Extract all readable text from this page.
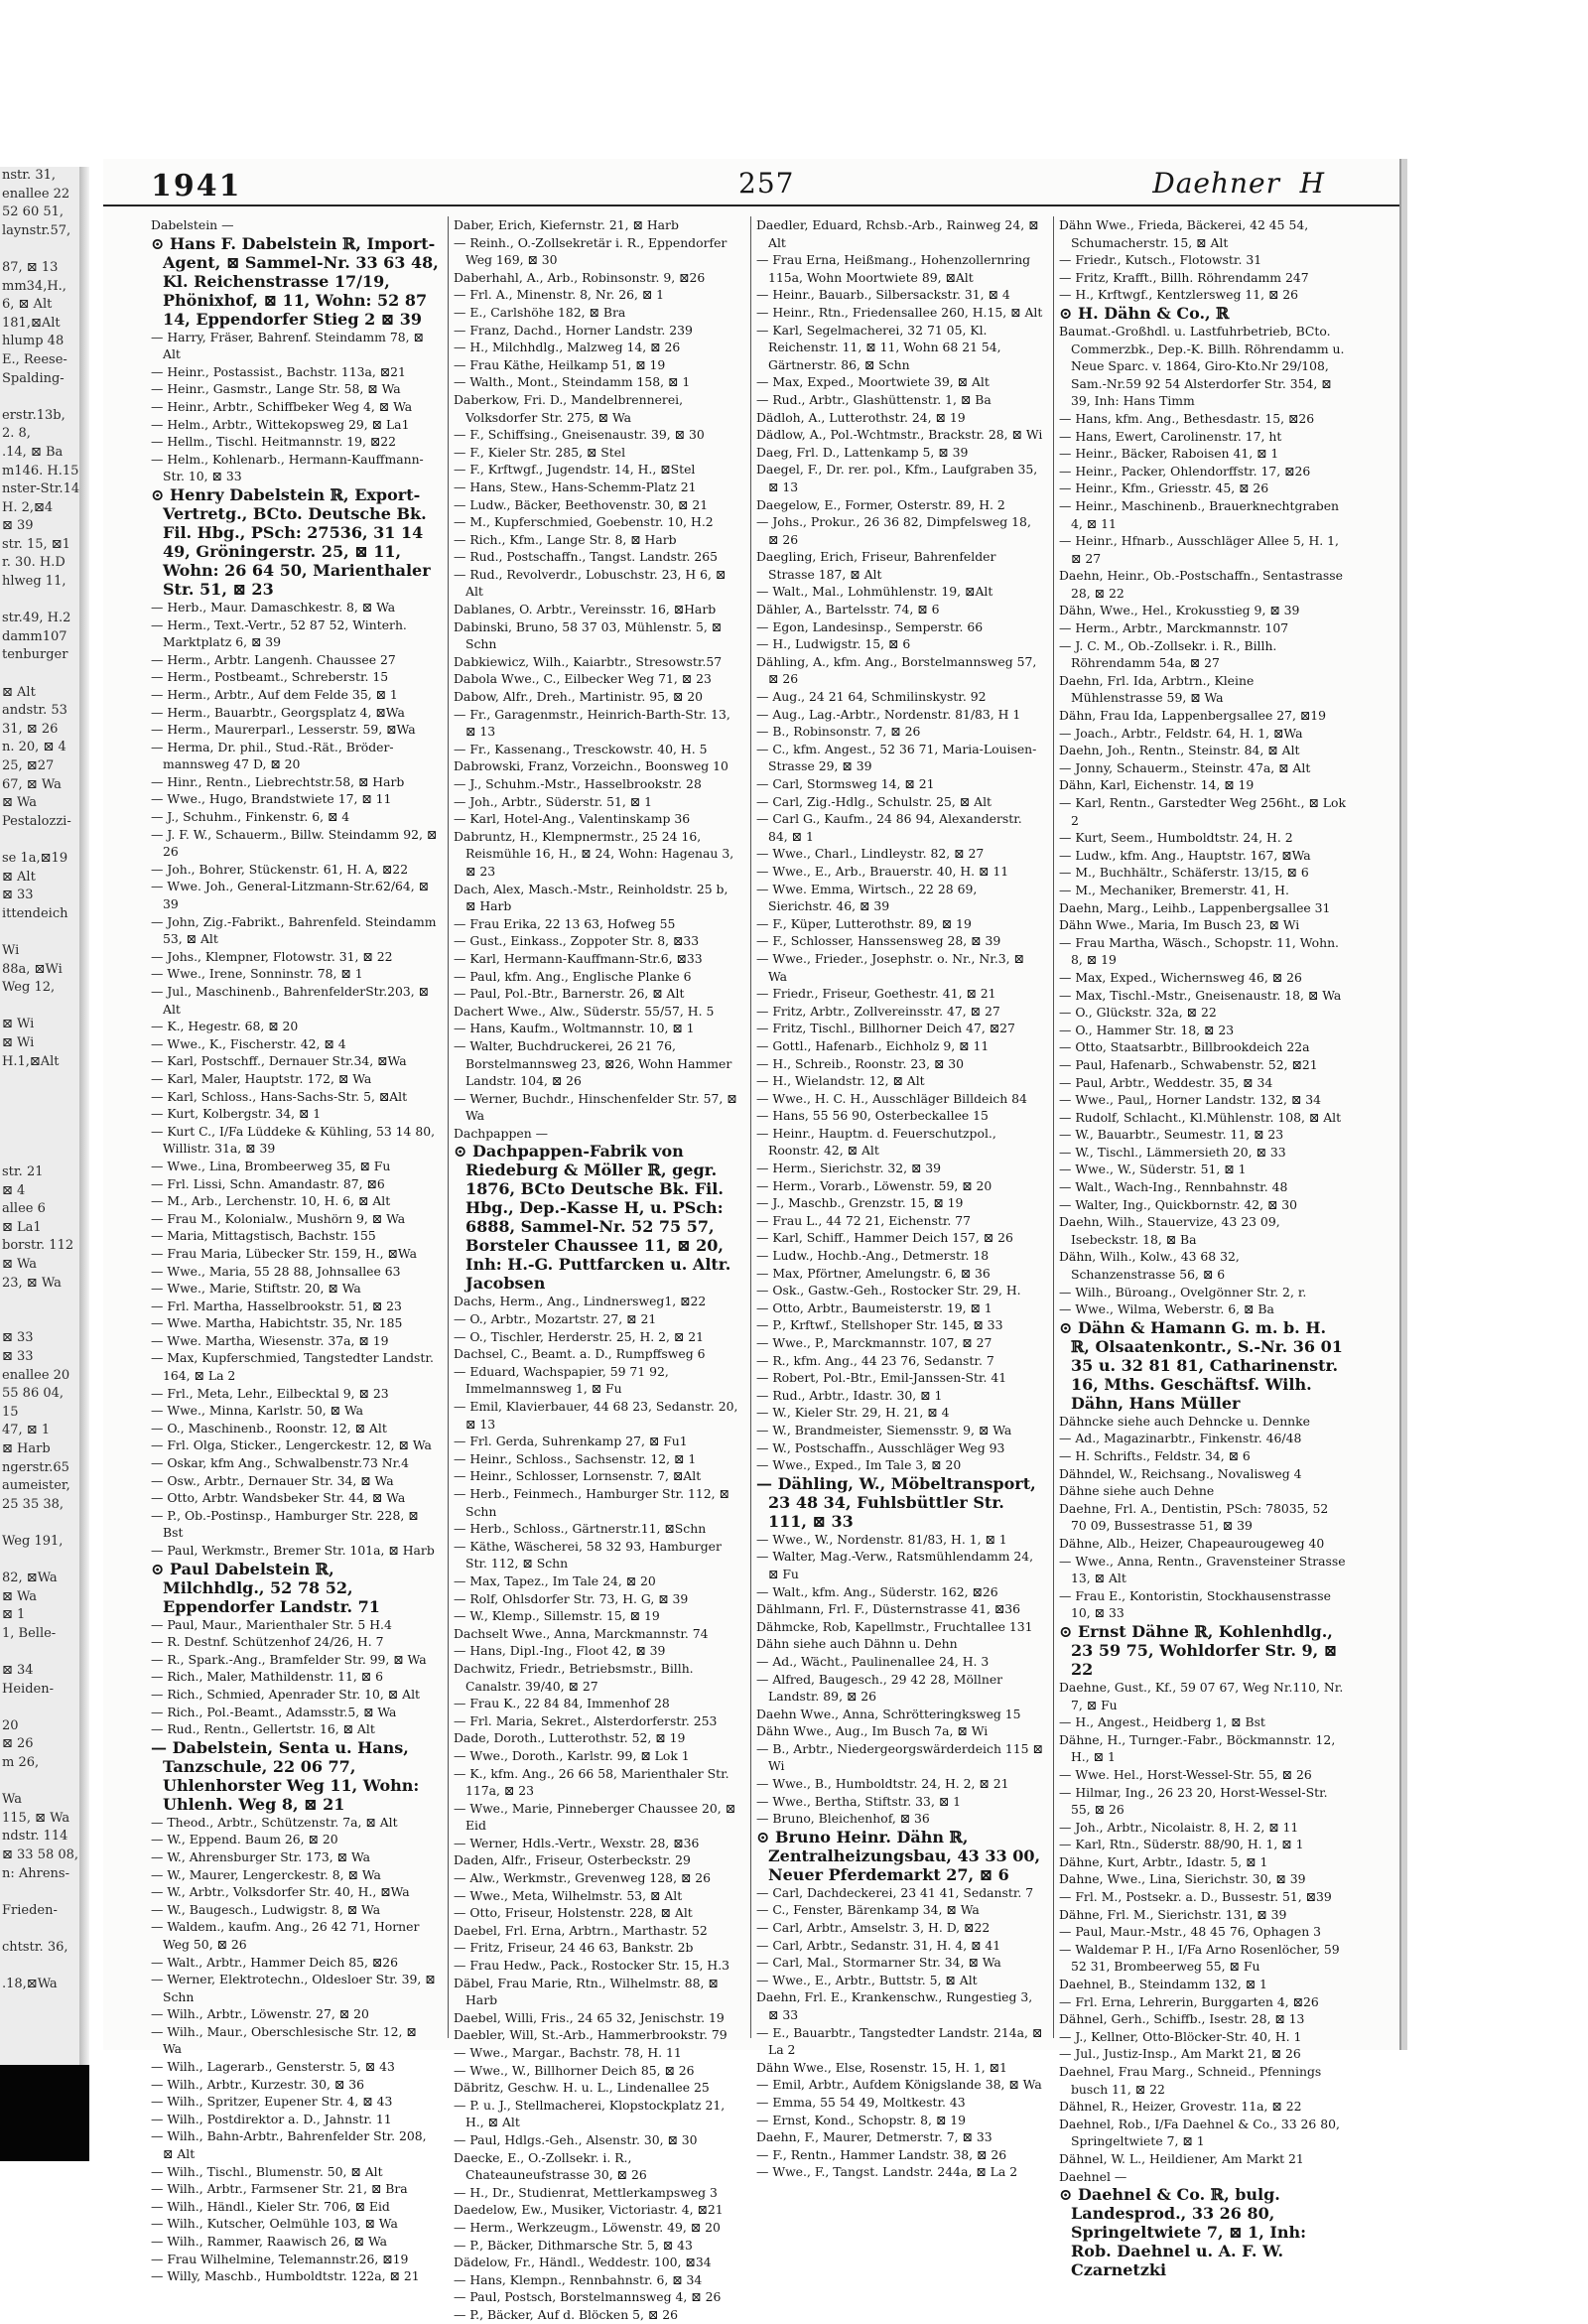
nstr. 31,
enallee 22
52 60 51,
laynstr.57,

87, ⊠ 13
mm34,H.,
6, ⊠ Alt
181,⊠Alt
hlump 48
E., Reese-
Spalding-

erstr.13b,
2. 8,
.14, ⊠ Ba
m146. H.15
nster-Str.14
H. 2,⊠4
⊠ 39
str. 15, ⊠1
r. 30. H.D
hlweg 11,

str.49, H.2
damm107
tenburger

⊠ Alt
andstr. 53
31, ⊠ 26
n. 20, ⊠ 4
25, ⊠27
67, ⊠ Wa
⊠ Wa
Pestalozzi-

se 1a,⊠19
⊠ Alt
⊠ 33
ittendeich

Wi
88a, ⊠Wi
Weg 12,

⊠ Wi
⊠ Wi
H.1,⊠Alt

str. 21
⊠ 4
allee 6
⊠ La1
borstr. 112
⊠ Wa
23, ⊠ Wa

⊠ 33
⊠ 33
enallee 20
55 86 04,
15
47, ⊠ 1
⊠ Harb
ngerstr.65
aumeister,
25 35 38,

Weg 191,

82, ⊠Wa
⊠ Wa
⊠ 1
1, Belle-

⊠ 34
Heiden-

20
⊠ 26
m 26,

Wa
115, ⊠ Wa
ndstr. 114
⊠ 33 58 08,
n: Ahrens-

Frieden-

chtstr. 36,

.18,⊠Wa
1941	257	Daehner H

Dabelstein —

⊙ Hans F. Dabelstein ℝ, Import-Agent, ⊠ Sammel-Nr. 33 63 48, Kl. Reichenstrasse 17/19, Phönixhof, ⊠ 11, Wohn: 52 87 14, Eppendorfer Stieg 2 ⊠ 39

— Harry, Fräser, Bahrenf. Steindamm 78, ⊠ Alt

— Heinr., Postassist., Bachstr. 113a, ⊠21

— Heinr., Gasmstr., Lange Str. 58, ⊠ Wa

— Heinr., Arbtr., Schiffbeker Weg 4, ⊠ Wa

— Helm., Arbtr., Wittekopsweg 29, ⊠ La1

— Hellm., Tischl. Heitmannstr. 19, ⊠22

— Helm., Kohlenarb., Hermann-Kauffmann-Str. 10, ⊠ 33

⊙ Henry Dabelstein ℝ, Export-Vertretg., BCto. Deutsche Bk. Fil. Hbg., PSch: 27536, 31 14 49, Gröningerstr. 25, ⊠ 11, Wohn: 26 64 50, Marienthaler Str. 51, ⊠ 23

— Herb., Maur. Damaschkestr. 8, ⊠ Wa

— Herm., Text.-Vertr., 52 87 52, Winterh. Marktplatz 6, ⊠ 39

— Herm., Arbtr. Langenh. Chaussee 27

— Herm., Postbeamt., Schreberstr. 15

— Herm., Arbtr., Auf dem Felde 35, ⊠ 1

— Herm., Bauarbtr., Georgsplatz 4, ⊠Wa

— Herm., Maurerparl., Lesserstr. 59, ⊠Wa

— Herma, Dr. phil., Stud.-Rät., Bröder-mannsweg 47 D, ⊠ 20

— Hinr., Rentn., Liebrechtstr.58, ⊠ Harb

— Wwe., Hugo, Brandstwiete 17, ⊠ 11

— J., Schuhm., Finkenstr. 6, ⊠ 4

— J. F. W., Schauerm., Billw. Steindamm 92, ⊠ 26

— Joh., Bohrer, Stückenstr. 61, H. A, ⊠22

— Wwe. Joh., General-Litzmann-Str.62/64, ⊠ 39

— John, Zig.-Fabrikt., Bahrenfeld. Steindamm 53, ⊠ Alt

— Johs., Klempner, Flotowstr. 31, ⊠ 22

— Wwe., Irene, Sonninstr. 78, ⊠ 1

— Jul., Maschinenb., BahrenfelderStr.203, ⊠ Alt

— K., Hegestr. 68, ⊠ 20

— Wwe., K., Fischerstr. 42, ⊠ 4

— Karl, Postschff., Dernauer Str.34, ⊠Wa

— Karl, Maler, Hauptstr. 172, ⊠ Wa

— Karl, Schloss., Hans-Sachs-Str. 5, ⊠Alt

— Kurt, Kolbergstr. 34, ⊠ 1

— Kurt C., I/Fa Lüddeke & Kühling, 53 14 80, Willistr. 31a, ⊠ 39

— Wwe., Lina, Brombeerweg 35, ⊠ Fu

— Frl. Lissi, Schn. Amandastr. 87, ⊠6

— M., Arb., Lerchenstr. 10, H. 6, ⊠ Alt

— Frau M., Kolonialw., Mushörn 9, ⊠ Wa

— Maria, Mittagstisch, Bachstr. 155

— Frau Maria, Lübecker Str. 159, H., ⊠Wa

— Wwe., Maria, 55 28 88, Johnsallee 63

— Wwe., Marie, Stiftstr. 20, ⊠ Wa

— Frl. Martha, Hasselbrookstr. 51, ⊠ 23

— Wwe. Martha, Habichtstr. 35, Nr. 185

— Wwe. Martha, Wiesenstr. 37a, ⊠ 19

— Max, Kupferschmied, Tangstedter Landstr. 164, ⊠ La 2

— Frl., Meta, Lehr., Eilbecktal 9, ⊠ 23

— Wwe., Minna, Karlstr. 50, ⊠ Wa

— O., Maschinenb., Roonstr. 12, ⊠ Alt

— Frl. Olga, Sticker., Lengerckestr. 12, ⊠ Wa

— Oskar, kfm Ang., Schwalbenstr.73 Nr.4

— Osw., Arbtr., Dernauer Str. 34, ⊠ Wa

— Otto, Arbtr. Wandsbeker Str. 44, ⊠ Wa

— P., Ob.-Postinsp., Hamburger Str. 228, ⊠ Bst

— Paul, Werkmstr., Bremer Str. 101a, ⊠ Harb

⊙ Paul Dabelstein ℝ, Milchhdlg., 52 78 52, Eppendorfer Landstr. 71

— Paul, Maur., Marienthaler Str. 5 H.4

— R. Destnf. Schützenhof 24/26, H. 7

— R., Spark.-Ang., Bramfelder Str. 99, ⊠ Wa

— Rich., Maler, Mathildenstr. 11, ⊠ 6

— Rich., Schmied, Apenrader Str. 10, ⊠ Alt

— Rich., Pol.-Beamt., Adamsstr.5, ⊠ Wa

— Rud., Rentn., Gellertstr. 16, ⊠ Alt

— Dabelstein, Senta u. Hans, Tanzschule, 22 06 77, Uhlenhorster Weg 11, Wohn: Uhlenh. Weg 8, ⊠ 21

— Theod., Arbtr., Schützenstr. 7a, ⊠ Alt

— W., Eppend. Baum 26, ⊠ 20

— W., Ahrensburger Str. 173, ⊠ Wa

— W., Maurer, Lengerckestr. 8, ⊠ Wa

— W., Arbtr., Volksdorfer Str. 40, H., ⊠Wa

— W., Baugesch., Ludwigstr. 8, ⊠ Wa

— Waldem., kaufm. Ang., 26 42 71, Horner Weg 50, ⊠ 26

— Walt., Arbtr., Hammer Deich 85, ⊠26

— Werner, Elektrotechn., Oldesloer Str. 39, ⊠ Schn

— Wilh., Arbtr., Löwenstr. 27, ⊠ 20

— Wilh., Maur., Oberschlesische Str. 12, ⊠ Wa

— Wilh., Lagerarb., Gensterstr. 5, ⊠ 43

— Wilh., Arbtr., Kurzestr. 30, ⊠ 36

— Wilh., Spritzer, Eupener Str. 4, ⊠ 43

— Wilh., Postdirektor a. D., Jahnstr. 11

— Wilh., Bahn-Arbtr., Bahrenfelder Str. 208, ⊠ Alt

— Wilh., Tischl., Blumenstr. 50, ⊠ Alt

— Wilh., Arbtr., Farmsener Str. 21, ⊠ Bra

— Wilh., Händl., Kieler Str. 706, ⊠ Eid

— Wilh., Kutscher, Oelmühle 103, ⊠ Wa

— Wilh., Rammer, Raawisch 26, ⊠ Wa

— Frau Wilhelmine, Telemannstr.26, ⊠19

— Willy, Maschb., Humboldtstr. 122a, ⊠ 21

Daber, Erich, Kiefernstr. 21, ⊠ Harb

— Reinh., O.-Zollsekretär i. R., Eppendorfer Weg 169, ⊠ 30

Daberhahl, A., Arb., Robinsonstr. 9, ⊠26

— Frl. A., Minenstr. 8, Nr. 26, ⊠ 1

— E., Carlshöhe 182, ⊠ Bra

— Franz, Dachd., Horner Landstr. 239

— H., Milchhdlg., Malzweg 14, ⊠ 26

— Frau Käthe, Heilkamp 51, ⊠ 19

— Walth., Mont., Steindamm 158, ⊠ 1

Daberkow, Fri. D., Mandelbrennerei, Volksdorfer Str. 275, ⊠ Wa

— F., Schiffsing., Gneisenaustr. 39, ⊠ 30

— F., Kieler Str. 285, ⊠ Stel

— F., Krftwgf., Jugendstr. 14, H., ⊠Stel

— Hans, Stew., Hans-Schemm-Platz 21

— Ludw., Bäcker, Beethovenstr. 30, ⊠ 21

— M., Kupferschmied, Goebenstr. 10, H.2

— Rich., Kfm., Lange Str. 8, ⊠ Harb

— Rud., Postschaffn., Tangst. Landstr. 265

— Rud., Revolverdr., Lobuschstr. 23, H 6, ⊠ Alt

Dablanes, O. Arbtr., Vereinsstr. 16, ⊠Harb

Dabinski, Bruno, 58 37 03, Mühlenstr. 5, ⊠ Schn

Dabkiewicz, Wilh., Kaiarbtr., Stresowstr.57

Dabola Wwe., C., Eilbecker Weg 71, ⊠ 23

Dabow, Alfr., Dreh., Martinistr. 95, ⊠ 20

— Fr., Garagenmstr., Heinrich-Barth-Str. 13, ⊠ 13

— Fr., Kassenang., Tresckowstr. 40, H. 5

Dabrowski, Franz, Vorzeichn., Boonsweg 10

— J., Schuhm.-Mstr., Hasselbrookstr. 28

— Joh., Arbtr., Süderstr. 51, ⊠ 1

— Karl, Hotel-Ang., Valentinskamp 36

Dabruntz, H., Klempnermstr., 25 24 16, Reismühle 16, H., ⊠ 24, Wohn: Hagenau 3, ⊠ 23

Dach, Alex, Masch.-Mstr., Reinholdstr. 25 b, ⊠ Harb

— Frau Erika, 22 13 63, Hofweg 55

— Gust., Einkass., Zoppoter Str. 8, ⊠33

— Karl, Hermann-Kauffmann-Str.6, ⊠33

— Paul, kfm. Ang., Englische Planke 6

— Paul, Pol.-Btr., Barnerstr. 26, ⊠ Alt

Dachert Wwe., Alw., Süderstr. 55/57, H. 5

— Hans, Kaufm., Woltmannstr. 10, ⊠ 1

— Walter, Buchdruckerei, 26 21 76, Borstelmannsweg 23, ⊠26, Wohn Hammer Landstr. 104, ⊠ 26

— Werner, Buchdr., Hinschenfelder Str. 57, ⊠ Wa

Dachpappen —

⊙ Dachpappen-Fabrik von Riedeburg & Möller ℝ, gegr. 1876, BCto Deutsche Bk. Fil. Hbg., Dep.-Kasse H, u. PSch: 6888, Sammel-Nr. 52 75 57, Borsteler Chaussee 11, ⊠ 20, Inh: H.-G. Puttfarcken u. Altr. Jacobsen

Dachs, Herm., Ang., Lindnersweg1, ⊠22

— O., Arbtr., Mozartstr. 27, ⊠ 21

— O., Tischler, Herderstr. 25, H. 2, ⊠ 21

Dachsel, C., Beamt. a. D., Rumpffsweg 6

— Eduard, Wachspapier, 59 71 92, Immelmannsweg 1, ⊠ Fu

— Emil, Klavierbauer, 44 68 23, Sedanstr. 20, ⊠ 13

— Frl. Gerda, Suhrenkamp 27, ⊠ Fu1

— Heinr., Schloss., Sachsenstr. 12, ⊠ 1

— Heinr., Schlosser, Lornsenstr. 7, ⊠Alt

— Herb., Feinmech., Hamburger Str. 112, ⊠ Schn

— Herb., Schloss., Gärtnerstr.11, ⊠Schn

— Käthe, Wäscherei, 58 32 93, Hamburger Str. 112, ⊠ Schn

— Max, Tapez., Im Tale 24, ⊠ 20

— Rolf, Ohlsdorfer Str. 73, H. G, ⊠ 39

— W., Klemp., Sillemstr. 15, ⊠ 19

Dachselt Wwe., Anna, Marckmannstr. 74

— Hans, Dipl.-Ing., Floot 42, ⊠ 39

Dachwitz, Friedr., Betriebsmstr., Billh. Canalstr. 39/40, ⊠ 27

— Frau K., 22 84 84, Immenhof 28

— Frl. Maria, Sekret., Alsterdorferstr. 253

Dade, Doroth., Lutterothstr. 52, ⊠ 19

— Wwe., Doroth., Karlstr. 99, ⊠ Lok 1

— K., kfm. Ang., 26 66 58, Marienthaler Str. 117a, ⊠ 23

— Wwe., Marie, Pinneberger Chaussee 20, ⊠ Eid

— Werner, Hdls.-Vertr., Wexstr. 28, ⊠36

Daden, Alfr., Friseur, Osterbeckstr. 29

— Alw., Werkmstr., Grevenweg 128, ⊠ 26

— Wwe., Meta, Wilhelmstr. 53, ⊠ Alt

— Otto, Friseur, Holstenstr. 228, ⊠ Alt

Daebel, Frl. Erna, Arbtrn., Marthastr. 52

— Fritz, Friseur, 24 46 63, Bankstr. 2b

— Frau Hedw., Pack., Rostocker Str. 15, H.3

Däbel, Frau Marie, Rtn., Wilhelmstr. 88, ⊠ Harb

Daebel, Willi, Fris., 24 65 32, Jenischstr. 19

Daebler, Will, St.-Arb., Hammerbrookstr. 79

— Wwe., Margar., Bachstr. 78, H. 11

— Wwe., W., Billhorner Deich 85, ⊠ 26

Däbritz, Geschw. H. u. L., Lindenallee 25

— P. u. J., Stellmacherei, Klopstockplatz 21, H., ⊠ Alt

— Paul, Hdlgs.-Geh., Alsenstr. 30, ⊠ 30

Daecke, E., O.-Zollsekr. i. R., Chateauneufstrasse 30, ⊠ 26

— H., Dr., Studienrat, Mettlerkampsweg 3

Daedelow, Ew., Musiker, Victoriastr. 4, ⊠21

— Herm., Werkzeugm., Löwenstr. 49, ⊠ 20

— P., Bäcker, Dithmarsche Str. 5, ⊠ 43

Dädelow, Fr., Händl., Weddestr. 100, ⊠34

— Hans, Klempn., Rennbahnstr. 6, ⊠ 34

— Paul, Postsch, Borstelmannsweg 4, ⊠ 26

— P., Bäcker, Auf d. Blöcken 5, ⊠ 26

Daedler, Eduard, Rchsb.-Arb., Rainweg 24, ⊠ Alt

— Frau Erna, Heißmang., Hohenzollernring 115a, Wohn Moortwiete 89, ⊠Alt

— Heinr., Bauarb., Silbersackstr. 31, ⊠ 4

— Heinr., Rtn., Friedensallee 260, H.15, ⊠ Alt

— Karl, Segelmacherei, 32 71 05, Kl. Reichenstr. 11, ⊠ 11, Wohn 68 21 54, Gärtnerstr. 86, ⊠ Schn

— Max, Exped., Moortwiete 39, ⊠ Alt

— Rud., Arbtr., Glashüttenstr. 1, ⊠ Ba

Dädloh, A., Lutterothstr. 24, ⊠ 19

Dädlow, A., Pol.-Wchtmstr., Brackstr. 28, ⊠ Wi

Daeg, Frl. D., Lattenkamp 5, ⊠ 39

Daegel, F., Dr. rer. pol., Kfm., Laufgraben 35, ⊠ 13

Daegelow, E., Former, Osterstr. 89, H. 2

— Johs., Prokur., 26 36 82, Dimpfelsweg 18, ⊠ 26

Daegling, Erich, Friseur, Bahrenfelder Strasse 187, ⊠ Alt

— Walt., Mal., Lohmühlenstr. 19, ⊠Alt

Dähler, A., Bartelsstr. 74, ⊠ 6

— Egon, Landesinsp., Semperstr. 66

— H., Ludwigstr. 15, ⊠ 6

Dähling, A., kfm. Ang., Borstelmannsweg 57, ⊠ 26

— Aug., 24 21 64, Schmilinskystr. 92

— Aug., Lag.-Arbtr., Nordenstr. 81/83, H 1

— B., Robinsonstr. 7, ⊠ 26

— C., kfm. Angest., 52 36 71, Maria-Louisen-Strasse 29, ⊠ 39

— Carl, Stormsweg 14, ⊠ 21

— Carl, Zig.-Hdlg., Schulstr. 25, ⊠ Alt

— Carl G., Kaufm., 24 86 94, Alexanderstr. 84, ⊠ 1

— Wwe., Charl., Lindleystr. 82, ⊠ 27

— Wwe., E., Arb., Brauerstr. 40, H. ⊠ 11

— Wwe. Emma, Wirtsch., 22 28 69, Sierichstr. 46, ⊠ 39

— F., Küper, Lutterothstr. 89, ⊠ 19

— F., Schlosser, Hanssensweg 28, ⊠ 39

— Wwe., Frieder., Josephstr. o. Nr., Nr.3, ⊠ Wa

— Friedr., Friseur, Goethestr. 41, ⊠ 21

— Fritz, Arbtr., Zollvereinsstr. 47, ⊠ 27

— Fritz, Tischl., Billhorner Deich 47, ⊠27

— Gottl., Hafenarb., Eichholz 9, ⊠ 11

— H., Schreib., Roonstr. 23, ⊠ 30

— H., Wielandstr. 12, ⊠ Alt

— Wwe., H. C. H., Ausschläger Billdeich 84

— Hans, 55 56 90, Osterbeckallee 15

— Heinr., Hauptm. d. Feuerschutzpol., Roonstr. 42, ⊠ Alt

— Herm., Sierichstr. 32, ⊠ 39

— Herm., Vorarb., Löwenstr. 59, ⊠ 20

— J., Maschb., Grenzstr. 15, ⊠ 19

— Frau L., 44 72 21, Eichenstr. 77

— Karl, Schiff., Hammer Deich 157, ⊠ 26

— Ludw., Hochb.-Ang., Detmerstr. 18

— Max, Pförtner, Amelungstr. 6, ⊠ 36

— Osk., Gastw.-Geh., Rostocker Str. 29, H.

— Otto, Arbtr., Baumeisterstr. 19, ⊠ 1

— P., Krftwf., Stellshoper Str. 145, ⊠ 33

— Wwe., P., Marckmannstr. 107, ⊠ 27

— R., kfm. Ang., 44 23 76, Sedanstr. 7

— Robert, Pol.-Btr., Emil-Janssen-Str. 41

— Rud., Arbtr., Idastr. 30, ⊠ 1

— W., Kieler Str. 29, H. 21, ⊠ 4

— W., Brandmeister, Siemensstr. 9, ⊠ Wa

— W., Postschaffn., Ausschläger Weg 93

— Wwe., Exped., Im Tale 3, ⊠ 20

— Dähling, W., Möbeltransport, 23 48 34, Fuhlsbüttler Str. 111, ⊠ 33

— Wwe., W., Nordenstr. 81/83, H. 1, ⊠ 1

— Walter, Mag.-Verw., Ratsmühlendamm 24, ⊠ Fu

— Walt., kfm. Ang., Süderstr. 162, ⊠26

Dählmann, Frl. F., Düsternstrasse 41, ⊠36

Dähmcke, Rob, Kapellmstr., Fruchtallee 131

Dähn siehe auch Dähnn u. Dehn

— Ad., Wächt., Paulinenallee 24, H. 3

— Alfred, Baugesch., 29 42 28, Möllner Landstr. 89, ⊠ 26

Daehn Wwe., Anna, Schrötteringksweg 15

Dähn Wwe., Aug., Im Busch 7a, ⊠ Wi

— B., Arbtr., Niedergeorgswärderdeich 115 ⊠ Wi

— Wwe., B., Humboldtstr. 24, H. 2, ⊠ 21

— Wwe., Bertha, Stiftstr. 33, ⊠ 1

— Bruno, Bleichenhof, ⊠ 36

⊙ Bruno Heinr. Dähn ℝ, Zentralheizungsbau, 43 33 00, Neuer Pferdemarkt 27, ⊠ 6

— Carl, Dachdeckerei, 23 41 41, Sedanstr. 7

— C., Fenster, Bärenkamp 34, ⊠ Wa

— Carl, Arbtr., Amselstr. 3, H. D, ⊠22

— Carl, Arbtr., Sedanstr. 31, H. 4, ⊠ 41

— Carl, Mal., Stormarner Str. 34, ⊠ Wa

— Wwe., E., Arbtr., Buttstr. 5, ⊠ Alt

Daehn, Frl. E., Krankenschw., Rungestieg 3, ⊠ 33

— E., Bauarbtr., Tangstedter Landstr. 214a, ⊠ La 2

Dähn Wwe., Else, Rosenstr. 15, H. 1, ⊠1

— Emil, Arbtr., Aufdem Königslande 38, ⊠ Wa

— Emma, 55 54 49, Moltkestr. 43

— Ernst, Kond., Schopstr. 8, ⊠ 19

Daehn, F., Maurer, Detmerstr. 7, ⊠ 33

— F., Rentn., Hammer Landstr. 38, ⊠ 26

— Wwe., F., Tangst. Landstr. 244a, ⊠ La 2

Dähn Wwe., Frieda, Bäckerei, 42 45 54, Schumacherstr. 15, ⊠ Alt

— Friedr., Kutsch., Flotowstr. 31

— Fritz, Krafft., Billh. Röhrendamm 247

— H., Krftwgf., Kentzlersweg 11, ⊠ 26

⊙ H. Dähn & Co., ℝ

Baumat.-Großhdl. u. Lastfuhrbetrieb, BCto. Commerzbk., Dep.-K. Billh. Röhrendamm u. Neue Sparc. v. 1864, Giro-Kto.Nr 29/108, Sam.-Nr.59 92 54 Alsterdorfer Str. 354, ⊠ 39, Inh: Hans Timm

— Hans, kfm. Ang., Bethesdastr. 15, ⊠26

— Hans, Ewert, Carolinenstr. 17, ht

— Heinr., Bäcker, Raboisen 41, ⊠ 1

— Heinr., Packer, Ohlendorffstr. 17, ⊠26

— Heinr., Kfm., Griesstr. 45, ⊠ 26

— Heinr., Maschinenb., Brauerknechtgraben 4, ⊠ 11

— Heinr., Hfnarb., Ausschläger Allee 5, H. 1, ⊠ 27

Daehn, Heinr., Ob.-Postschaffn., Sentastrasse 28, ⊠ 22

Dähn, Wwe., Hel., Krokusstieg 9, ⊠ 39

— Herm., Arbtr., Marckmannstr. 107

— J. C. M., Ob.-Zollsekr. i. R., Billh. Röhrendamm 54a, ⊠ 27

Daehn, Frl. Ida, Arbtrn., Kleine Mühlenstrasse 59, ⊠ Wa

Dähn, Frau Ida, Lappenbergsallee 27, ⊠19

— Joach., Arbtr., Feldstr. 64, H. 1, ⊠Wa

Daehn, Joh., Rentn., Steinstr. 84, ⊠ Alt

— Jonny, Schauerm., Steinstr. 47a, ⊠ Alt

Dähn, Karl, Eichenstr. 14, ⊠ 19

— Karl, Rentn., Garstedter Weg 256ht., ⊠ Lok 2

— Kurt, Seem., Humboldtstr. 24, H. 2

— Ludw., kfm. Ang., Hauptstr. 167, ⊠Wa

— M., Buchhältr., Schäferstr. 13/15, ⊠ 6

— M., Mechaniker, Bremerstr. 41, H.

Daehn, Marg., Leihb., Lappenbergsallee 31

Dähn Wwe., Maria, Im Busch 23, ⊠ Wi

— Frau Martha, Wäsch., Schopstr. 11, Wohn. 8, ⊠ 19

— Max, Exped., Wichernsweg 46, ⊠ 26

— Max, Tischl.-Mstr., Gneisenaustr. 18, ⊠ Wa

— O., Glückstr. 32a, ⊠ 22

— O., Hammer Str. 18, ⊠ 23

— Otto, Staatsarbtr., Billbrookdeich 22a

— Paul, Hafenarb., Schwabenstr. 52, ⊠21

— Paul, Arbtr., Weddestr. 35, ⊠ 34

— Wwe., Paul,, Horner Landstr. 132, ⊠ 34

— Rudolf, Schlacht., Kl.Mühlenstr. 108, ⊠ Alt

— W., Bauarbtr., Seumestr. 11, ⊠ 23

— W., Tischl., Lämmersieth 20, ⊠ 33

— Wwe., W., Süderstr. 51, ⊠ 1

— Walt., Wach-Ing., Rennbahnstr. 48

— Walter, Ing., Quickbornstr. 42, ⊠ 30

Daehn, Wilh., Stauervize, 43 23 09, Isebeckstr. 18, ⊠ Ba

Dähn, Wilh., Kolw., 43 68 32, Schanzenstrasse 56, ⊠ 6

— Wilh., Büroang., Ovelgönner Str. 2, r.

— Wwe., Wilma, Weberstr. 6, ⊠ Ba

⊙ Dähn & Hamann G. m. b. H. ℝ, Olsaatenkontr., S.-Nr. 36 01 35 u. 32 81 81, Catharinenstr. 16, Mths. Geschäftsf. Wilh. Dähn, Hans Müller

Dähncke siehe auch Dehncke u. Dennke

— Ad., Magazinarbtr., Finkenstr. 46/48

— H. Schrifts., Feldstr. 34, ⊠ 6

Dähndel, W., Reichsang., Novalisweg 4

Dähne siehe auch Dehne

Daehne, Frl. A., Dentistin, PSch: 78035, 52 70 09, Bussestrasse 51, ⊠ 39

Dähne, Alb., Heizer, Chapeaurougeweg 40

— Wwe., Anna, Rentn., Gravensteiner Strasse 13, ⊠ Alt

— Frau E., Kontoristin, Stockhausenstrasse 10, ⊠ 33

⊙ Ernst Dähne ℝ, Kohlenhdlg., 23 59 75, Wohldorfer Str. 9, ⊠ 22

Daehne, Gust., Kf., 59 07 67, Weg Nr.110, Nr. 7, ⊠ Fu

— H., Angest., Heidberg 1, ⊠ Bst

Dähne, H., Turnger.-Fabr., Böckmannstr. 12, H., ⊠ 1

— Wwe. Hel., Horst-Wessel-Str. 55, ⊠ 26

— Hilmar, Ing., 26 23 20, Horst-Wessel-Str. 55, ⊠ 26

— Joh., Arbtr., Nicolaistr. 8, H. 2, ⊠ 11

— Karl, Rtn., Süderstr. 88/90, H. 1, ⊠ 1

Dähne, Kurt, Arbtr., Idastr. 5, ⊠ 1

Dahne, Wwe., Lina, Sierichstr. 30, ⊠ 39

— Frl. M., Postsekr. a. D., Bussestr. 51, ⊠39

Dähne, Frl. M., Sierichstr. 131, ⊠ 39

— Paul, Maur.-Mstr., 48 45 76, Ophagen 3

— Waldemar P. H., I/Fa Arno Rosenlöcher, 59 52 31, Brombeerweg 55, ⊠ Fu

Daehnel, B., Steindamm 132, ⊠ 1

— Frl. Erna, Lehrerin, Burggarten 4, ⊠26

Dähnel, Gerh., Schiffb., Isestr. 28, ⊠ 13

— J., Kellner, Otto-Blöcker-Str. 40, H. 1

— Jul., Justiz-Insp., Am Markt 21, ⊠ 26

Daehnel, Frau Marg., Schneid., Pfennings busch 11, ⊠ 22

Dähnel, R., Heizer, Grovestr. 11a, ⊠ 22

Daehnel, Rob., I/Fa Daehnel & Co., 33 26 80, Springeltwiete 7, ⊠ 1

Dähnel, W. L., Heildiener, Am Markt 21

Daehnel —

⊙ Daehnel & Co. ℝ, bulg. Landesprod., 33 26 80, Springeltwiete 7, ⊠ 1, Inh: Rob. Daehnel u. A. F. W. Czarnetzki
